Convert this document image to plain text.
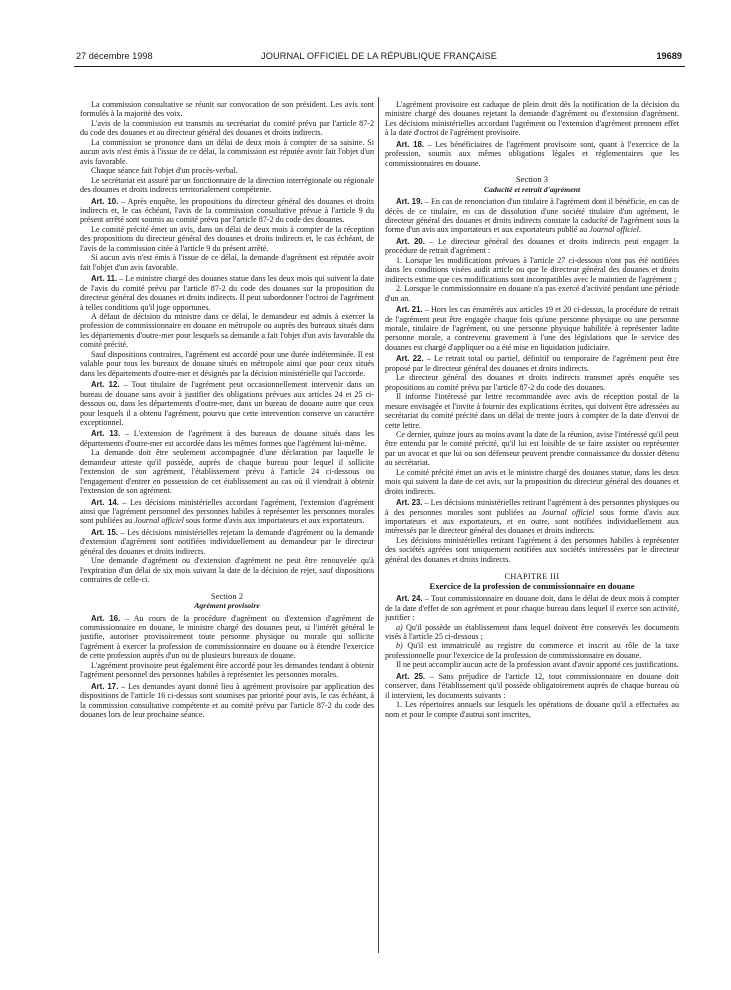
27 décembre 1998	JOURNAL OFFICIEL DE LA RÉPUBLIQUE FRANÇAISE	19689

La commission consultative se réunit sur convocation de son président. Les avis sont formulés à la majorité des voix.

L'avis de la commission est transmis au secrétariat du comité prévu par l'article 87-2 du code des douanes et au directeur général des douanes et droits indirects.

La commission se prononce dans un délai de deux mois à compter de sa saisine. Si aucun avis n'est émis à l'issue de ce délai, la commission est réputée avoir fait l'objet d'un avis favorable.

Chaque séance fait l'objet d'un procès-verbal.

Le secrétariat est assuré par un fonctionnaire de la direction interrégionale ou régionale des douanes et droits indirects territorialement compétente.

Art. 10. – Après enquête, les propositions du directeur général des douanes et droits indirects et, le cas échéant, l'avis de la commission consultative prévue à l'article 9 du présent arrêté sont soumis au comité prévu par l'article 87-2 du code des douanes.

Le comité précité émet un avis, dans un délai de deux mois à compter de la réception des propositions du directeur général des douanes et droits indirects et, le cas échéant, de l'avis de la commission citée à l'article 9 du présent arrêté.

Si aucun avis n'est émis à l'issue de ce délai, la demande d'agrément est réputée avoir fait l'objet d'un avis favorable.

Art. 11. – Le ministre chargé des douanes statue dans les deux mois qui suivent la date de l'avis du comité prévu par l'article 87-2 du code des douanes sur la proposition du directeur général des douanes et droits indirects. Il peut subordonner l'octroi de l'agrément à telles conditions qu'il juge opportunes.

A défaut de décision du ministre dans ce délai, le demandeur est admis à exercer la profession de commissionnaire en douane en métropole ou auprès des bureaux situés dans les départements d'outre-mer pour lesquels sa demande a fait l'objet d'un avis favorable du comité précité.

Sauf dispositions contraires, l'agrément est accordé pour une durée indéterminée. Il est valable pour tous les bureaux de douane situés en métropole ainsi que pour ceux situés dans les départements d'outre-mer et désignés par la décision ministérielle qui l'accorde.

Art. 12. – Tout titulaire de l'agrément peut occasionnellement intervenir dans un bureau de douane sans avoir à justifier des obligations prévues aux articles 24 et 25 ci-dessous ou, dans les départements d'outre-mer, dans un bureau de douane autre que ceux pour lesquels il a obtenu l'agrément, pourvu que cette intervention conserve un caractère exceptionnel.

Art. 13. – L'extension de l'agrément à des bureaux de douane situés dans les départements d'outre-mer est accordée dans les mêmes formes que l'agrément lui-même.

La demande doit être seulement accompagnée d'une déclaration par laquelle le demandeur atteste qu'il possède, auprès de chaque bureau pour lequel il sollicite l'extension de son agrément, l'établissement prévu à l'article 24 ci-dessous ou l'engagement d'entrer en possession de cet établissement au cas où il viendrait à obtenir l'extension de son agrément.

Art. 14. – Les décisions ministérielles accordant l'agrément, l'extension d'agrément ainsi que l'agrément personnel des personnes habiles à représenter les personnes morales sont publiées au Journal officiel sous forme d'avis aux importateurs et aux exportateurs.

Art. 15. – Les décisions ministérielles rejetant la demande d'agrément ou la demande d'extension d'agrément sont notifiées individuellement au demandeur par le directeur général des douanes et droits indirects.

Une demande d'agrément ou d'extension d'agrément ne peut être renouvelée qu'à l'expiration d'un délai de six mois suivant la date de la décision de rejet, sauf dispositions contraires de celle-ci.

Section 2

Agrément provisoire

Art. 16. – Au cours de la procédure d'agrément ou d'extension d'agrément de commissionnaire en douane, le ministre chargé des douanes peut, si l'intérêt général le justifie, autoriser provisoirement toute personne physique ou morale qui sollicite l'agrément à exercer la profession de commissionnaire en douane ou à étendre l'exercice de cette profession auprès d'un ou de plusieurs bureaux de douane.

L'agrément provisoire peut également être accordé pour les demandes tendant à obtenir l'agrément personnel des personnes habiles à représenter les personnes morales.

Art. 17. – Les demandes ayant donné lieu à agrément provisoire par application des dispositions de l'article 16 ci-dessus sont soumises par priorité pour avis, le cas échéant, à la commission consultative compétente et au comité prévu par l'article 87-2 du code des douanes lors de leur prochaine séance.

L'agrément provisoire est caduque de plein droit dès la notification de la décision du ministre chargé des douanes rejetant la demande d'agrément ou d'extension d'agrément. Les décisions ministérielles accordant l'agrément ou l'extension d'agrément prennent effet à la date d'octroi de l'agrément provisoire.

Art. 18. – Les bénéficiaires de l'agrément provisoire sont, quant à l'exercice de la profession, soumis aux mêmes obligations légales et réglementaires que les commissionnaires en douane.

Section 3

Caducité et retrait d'agrément

Art. 19. – En cas de renonciation d'un titulaire à l'agrément dont il bénéficie, en cas de décès de ce titulaire, en cas de dissolution d'une société titulaire d'un agrément, le directeur général des douanes et droits indirects constate la caducité de l'agrément sous la forme d'un avis aux importateurs et aux exportateurs publié au Journal officiel.

Art. 20. – Le directeur général des douanes et droits indirects peut engager la procédure de retrait d'agrément :

1. Lorsque les modifications prévues à l'article 27 ci-dessous n'ont pas été notifiées dans les conditions visées audit article ou que le directeur général des douanes et droits indirects estime que ces modifications sont incompatibles avec le maintien de l'agrément ;

2. Lorsque le commissionnaire en douane n'a pas exercé d'activité pendant une période d'un an.

Art. 21. – Hors les cas énumérés aux articles 19 et 20 ci-dessus, la procédure de retrait de l'agrément peut être engagée chaque fois qu'une personne physique ou une personne morale, titulaire de l'agrément, ou une personne physique habilitée à représenter ladite personne morale, a contrevenu gravement à l'une des législations que le service des douanes est chargé d'appliquer ou a été mise en liquidation judiciaire.

Art. 22. – Le retrait total ou partiel, définitif ou temporaire de l'agrément peut être proposé par le directeur général des douanes et droits indirects.

Le directeur général des douanes et droits indirects transmet après enquête ses propositions au comité prévu par l'article 87-2 du code des douanes.

Il informe l'intéressé par lettre recommandée avec avis de réception postal de la mesure envisagée et l'invite à fournir des explications écrites, qui doivent être adressées au secrétariat du comité précité dans un délai de trente jours à compter de la date d'envoi de cette lettre.

Ce dernier, quinze jours au moins avant la date de la réunion, avise l'intéressé qu'il peut être entendu par le comité précité, qu'il lui est loisible de se faire assister ou représenter par un avocat et que lui ou son défenseur peuvent prendre connaissance du dossier détenu au secrétariat.

Le comité précité émet un avis et le ministre chargé des douanes statue, dans les deux mois qui suivent la date de cet avis, sur la proposition du directeur général des douanes et droits indirects.

Art. 23. – Les décisions ministérielles retirant l'agrément à des personnes physiques ou à des personnes morales sont publiées au Journal officiel sous forme d'avis aux importateurs et aux exportateurs, et en outre, sont notifiées individuellement aux intéressés par le directeur général des douanes et droits indirects.

Les décisions ministérielles retirant l'agrément à des personnes habiles à représenter des sociétés agréées sont uniquement notifiées aux sociétés intéressées par le directeur général des douanes et droits indirects.

CHAPITRE III

Exercice de la profession de commissionnaire en douane

Art. 24. – Tout commissionnaire en douane doit, dans le délai de deux mois à compter de la date d'effet de son agrément et pour chaque bureau dans lequel il exerce son activité, justifier :

a) Qu'il possède un établissement dans lequel doivent être conservés les documents visés à l'article 25 ci-dessous ;

b) Qu'il est immatriculé au registre du commerce et inscrit au rôle de la taxe professionnelle pour l'exercice de la profession de commissionnaire en douane.

Il ne peut accomplir aucun acte de la profession avant d'avoir apporté ces justifications.

Art. 25. – Sans préjudice de l'article 12, tout commissionnaire en douane doit conserver, dans l'établissement qu'il possède obligatoirement auprès de chaque bureau où il intervient, les documents suivants :

1. Les répertoires annuels sur lesquels les opérations de douane qu'il a effectuées au nom et pour le compte d'autrui sont inscrites,
